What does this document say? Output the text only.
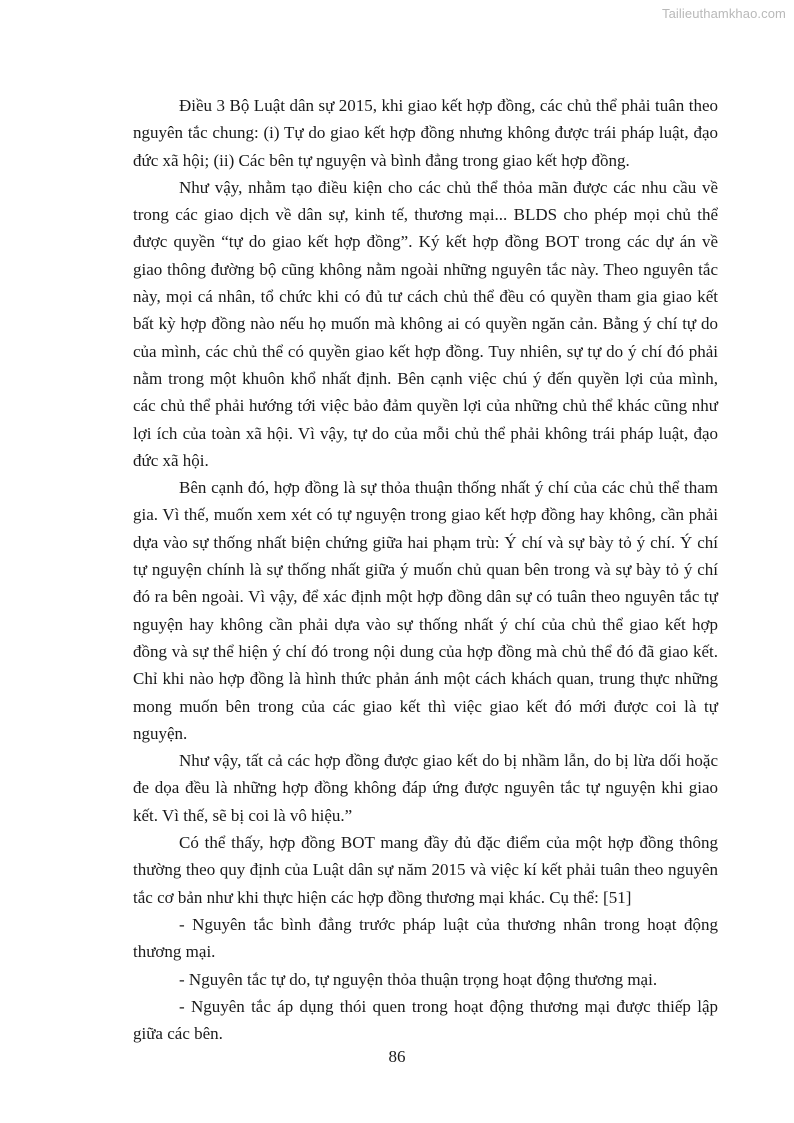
Tailieuthamkhao.com

Điều 3 Bộ Luật dân sự 2015, khi giao kết hợp đồng, các chủ thể phải tuân theo nguyên tắc chung: (i) Tự do giao kết hợp đồng nhưng không được trái pháp luật, đạo đức xã hội; (ii) Các bên tự nguyện và bình đẳng trong giao kết hợp đồng.

Như vậy, nhằm tạo điều kiện cho các chủ thể thỏa mãn được các nhu cầu về trong các giao dịch về dân sự, kinh tế, thương mại... BLDS cho phép mọi chủ thể được quyền “tự do giao kết hợp đồng”. Ký kết hợp đồng BOT trong các dự án về giao thông đường bộ cũng không nằm ngoài những nguyên tắc này. Theo nguyên tắc này, mọi cá nhân, tổ chức khi có đủ tư cách chủ thể đều có quyền tham gia giao kết bất kỳ hợp đồng nào nếu họ muốn mà không ai có quyền ngăn cản. Bằng ý chí tự do của mình, các chủ thể có quyền giao kết hợp đồng. Tuy nhiên, sự tự do ý chí đó phải nằm trong một khuôn khổ nhất định. Bên cạnh việc chú ý đến quyền lợi của mình, các chủ thể phải hướng tới việc bảo đảm quyền lợi của những chủ thể khác cũng như lợi ích của toàn xã hội. Vì vậy, tự do của mỗi chủ thể phải không trái pháp luật, đạo đức xã hội.

Bên cạnh đó, hợp đồng là sự thỏa thuận thống nhất ý chí của các chủ thể tham gia. Vì thế, muốn xem xét có tự nguyện trong giao kết hợp đồng hay không, cần phải dựa vào sự thống nhất biện chứng giữa hai phạm trù: Ý chí và sự bày tỏ ý chí. Ý chí tự nguyện chính là sự thống nhất giữa ý muốn chủ quan bên trong và sự bày tỏ ý chí đó ra bên ngoài. Vì vậy, để xác định một hợp đồng dân sự có tuân theo nguyên tắc tự nguyện hay không cần phải dựa vào sự thống nhất ý chí của chủ thể giao kết hợp đồng và sự thể hiện ý chí đó trong nội dung của hợp đồng mà chủ thể đó đã giao kết. Chỉ khi nào hợp đồng là hình thức phản ánh một cách khách quan, trung thực những mong muốn bên trong của các giao kết thì việc giao kết đó mới được coi là tự nguyện.

Như vậy, tất cả các hợp đồng được giao kết do bị nhầm lẫn, do bị lừa dối hoặc đe dọa đều là những hợp đồng không đáp ứng được nguyên tắc tự nguyện khi giao kết. Vì thế, sẽ bị coi là vô hiệu.”

Có thể thấy, hợp đồng BOT mang đầy đủ đặc điểm của một hợp đồng thông thường theo quy định của Luật dân sự năm 2015 và việc kí kết phải tuân theo nguyên tắc cơ bản như khi thực hiện các hợp đồng thương mại khác. Cụ thể: [51]

- Nguyên tắc bình đẳng trước pháp luật của thương nhân trong hoạt động thương mại.

- Nguyên tắc tự do, tự nguyện thỏa thuận trọng hoạt động thương mại.

- Nguyên tắc áp dụng thói quen trong hoạt động thương mại được thiếp lập giữa các bên.

86
